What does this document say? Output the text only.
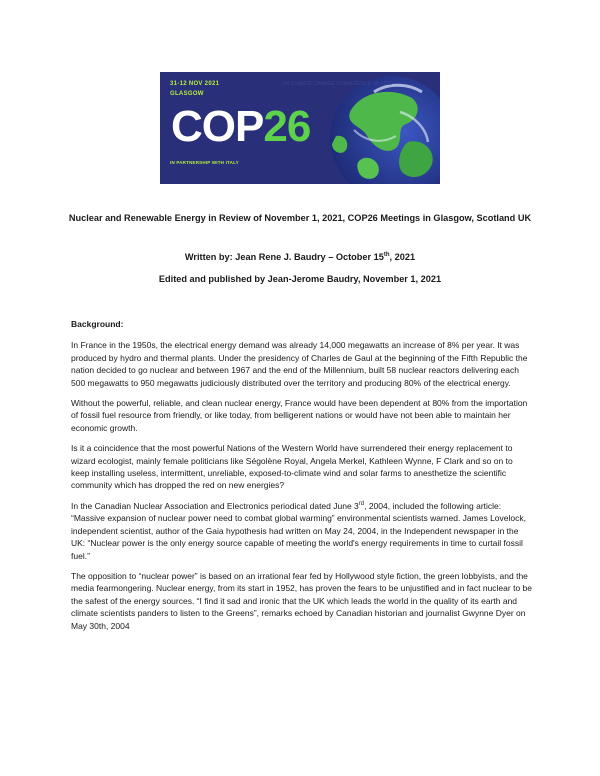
31-12 NOV 2021
GLASGOW
UN CLIMATE CHANGE CONFERENCE UK 2021
COP26
IN PARTNERSHIP WITH ITALY
Nuclear and Renewable Energy in Review of November 1, 2021, COP26 Meetings in Glasgow, Scotland UK
Written by: Jean Rene J. Baudry – October 15th, 2021
Edited and published by Jean-Jerome Baudry, November 1, 2021

Background:

In France in the 1950s, the electrical energy demand was already 14,000 megawatts an increase of 8% per year. It was produced by hydro and thermal plants. Under the presidency of Charles de Gaul at the beginning of the Fifth Republic the nation decided to go nuclear and between 1967 and the end of the Millennium, built 58 nuclear reactors delivering each 500 megawatts to 950 megawatts judiciously distributed over the territory and producing 80% of the electrical energy.

Without the powerful, reliable, and clean nuclear energy, France would have been dependent at 80% from the importation of fossil fuel resource from friendly, or like today, from belligerent nations or would have not been able to maintain her economic growth.

Is it a coincidence that the most powerful Nations of the Western World have surrendered their energy replacement to wizard ecologist, mainly female politicians like Ségolène Royal, Angela Merkel, Kathleen Wynne, F Clark and so on to keep installing useless, intermittent, unreliable, exposed-to-climate wind and solar farms to anesthetize the scientific community which has dropped the red on new energies?

In the Canadian Nuclear Association and Electronics periodical dated June 3rd, 2004, included the following article: “Massive expansion of nuclear power need to combat global warming” environmental scientists warned. James Lovelock, independent scientist, author of the Gaia hypothesis had written on May 24, 2004, in the Independent newspaper in the UK: “Nuclear power is the only energy source capable of meeting the world's energy requirements in time to curtail fossil fuel.”

The opposition to “nuclear power” is based on an irrational fear fed by Hollywood style fiction, the green lobbyists, and the media fearmongering. Nuclear energy, from its start in 1952, has proven the fears to be unjustified and in fact nuclear to be the safest of the energy sources. “I find it sad and ironic that the UK which leads the world in the quality of its earth and climate scientists panders to listen to the Greens”, remarks echoed by Canadian historian and journalist Gwynne Dyer on May 30th, 2004
